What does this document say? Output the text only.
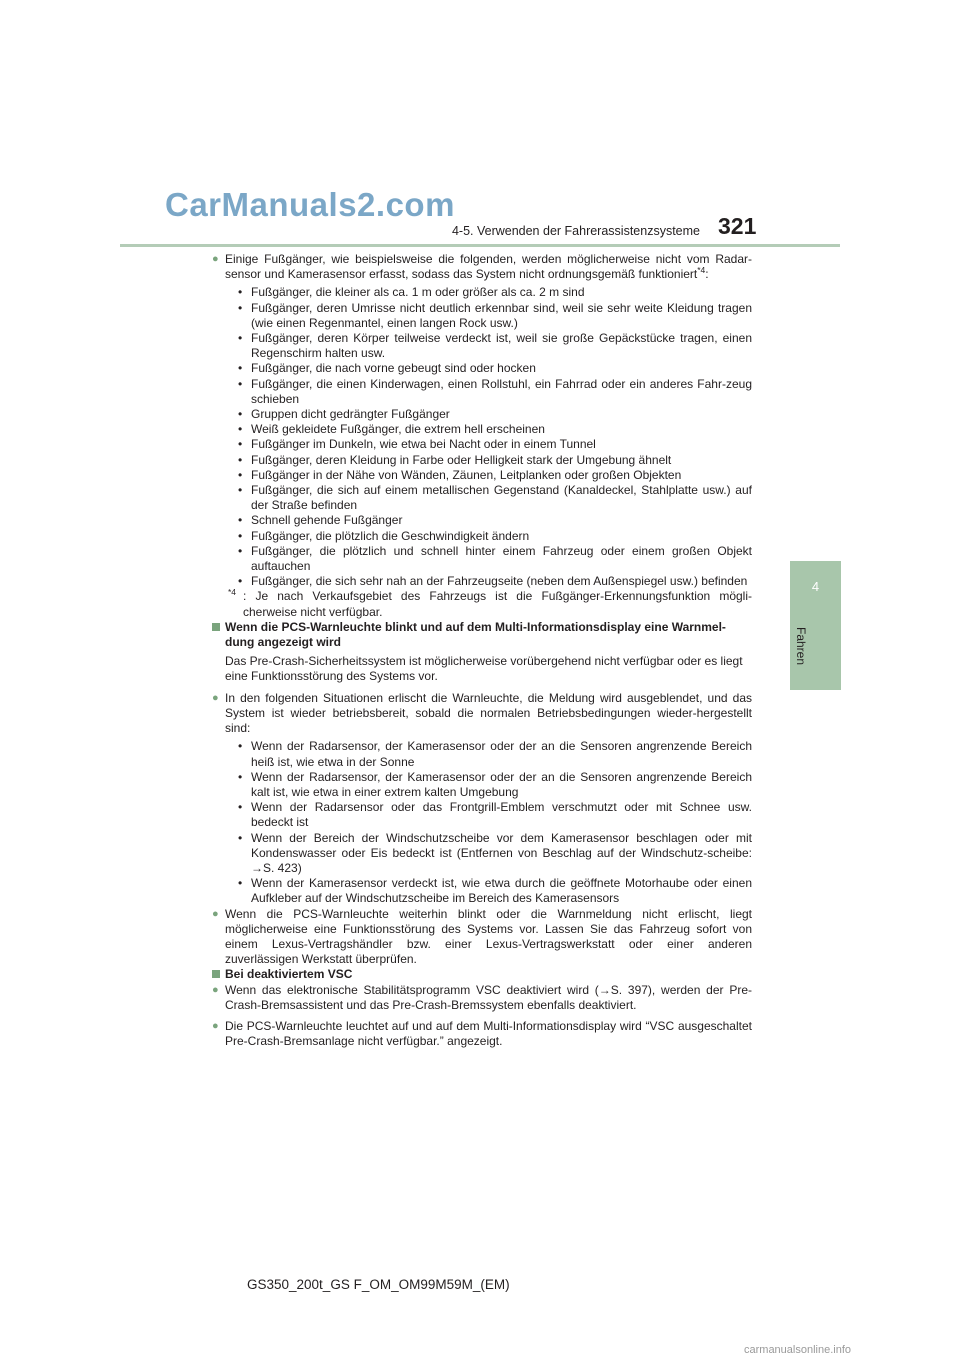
CarManuals2.com
4-5. Verwenden der Fahrerassistenzsysteme 321
4
Fahren

● Einige Fußgänger, wie beispielsweise die folgenden, werden möglicherweise nicht vom Radar-sensor und Kamerasensor erfasst, sodass das System nicht ordnungsgemäß funktioniert$^{*4}$:

• Fußgänger, die kleiner als ca. 1 m oder größer als ca. 2 m sind
• Fußgänger, deren Umrisse nicht deutlich erkennbar sind, weil sie sehr weite Kleidung tragen (wie einen Regenmantel, einen langen Rock usw.)
• Fußgänger, deren Körper teilweise verdeckt ist, weil sie große Gepäckstücke tragen, einen Regenschirm halten usw.
• Fußgänger, die nach vorne gebeugt sind oder hocken
• Fußgänger, die einen Kinderwagen, einen Rollstuhl, ein Fahrrad oder ein anderes Fahr-zeug schieben
• Gruppen dicht gedrängter Fußgänger
• Weiß gekleidete Fußgänger, die extrem hell erscheinen
• Fußgänger im Dunkeln, wie etwa bei Nacht oder in einem Tunnel
• Fußgänger, deren Kleidung in Farbe oder Helligkeit stark der Umgebung ähnelt
• Fußgänger in der Nähe von Wänden, Zäunen, Leitplanken oder großen Objekten
• Fußgänger, die sich auf einem metallischen Gegenstand (Kanaldeckel, Stahlplatte usw.) auf der Straße befinden
• Schnell gehende Fußgänger
• Fußgänger, die plötzlich die Geschwindigkeit ändern
• Fußgänger, die plötzlich und schnell hinter einem Fahrzeug oder einem großen Objekt auftauchen
• Fußgänger, die sich sehr nah an der Fahrzeugseite (neben dem Außenspiegel usw.) befinden

$^{*4}$ : Je nach Verkaufsgebiet des Fahrzeugs ist die Fußgänger-Erkennungsfunktion mögli-cherweise nicht verfügbar.

Wenn die PCS-Warnleuchte blinkt und auf dem Multi-Informationsdisplay eine Warnmel-dung angezeigt wird

Das Pre-Crash-Sicherheitssystem ist möglicherweise vorübergehend nicht verfügbar oder es liegt eine Funktionsstörung des Systems vor.

● In den folgenden Situationen erlischt die Warnleuchte, die Meldung wird ausgeblendet, und das System ist wieder betriebsbereit, sobald die normalen Betriebsbedingungen wieder-hergestellt sind:

• Wenn der Radarsensor, der Kamerasensor oder der an die Sensoren angrenzende Bereich heiß ist, wie etwa in der Sonne
• Wenn der Radarsensor, der Kamerasensor oder der an die Sensoren angrenzende Bereich kalt ist, wie etwa in einer extrem kalten Umgebung
• Wenn der Radarsensor oder das Frontgrill-Emblem verschmutzt oder mit Schnee usw. bedeckt ist
• Wenn der Bereich der Windschutzscheibe vor dem Kamerasensor beschlagen oder mit Kondenswasser oder Eis bedeckt ist (Entfernen von Beschlag auf der Windschutz-scheibe: →S. 423)
• Wenn der Kamerasensor verdeckt ist, wie etwa durch die geöffnete Motorhaube oder einen Aufkleber auf der Windschutzscheibe im Bereich des Kamerasensors

● Wenn die PCS-Warnleuchte weiterhin blinkt oder die Warnmeldung nicht erlischt, liegt möglicherweise eine Funktionsstörung des Systems vor. Lassen Sie das Fahrzeug sofort von einem Lexus-Vertragshändler bzw. einer Lexus-Vertragswerkstatt oder einer anderen zuverlässigen Werkstatt überprüfen.

Bei deaktiviertem VSC

● Wenn das elektronische Stabilitätsprogramm VSC deaktiviert wird (→S. 397), werden der Pre-Crash-Bremsassistent und das Pre-Crash-Bremssystem ebenfalls deaktiviert.

● Die PCS-Warnleuchte leuchtet auf und auf dem Multi-Informationsdisplay wird “VSC ausgeschaltet Pre-Crash-Bremsanlage nicht verfügbar.” angezeigt.

GS350_200t_GS F_OM_OM99M59M_(EM)
carmanualsonline.info
